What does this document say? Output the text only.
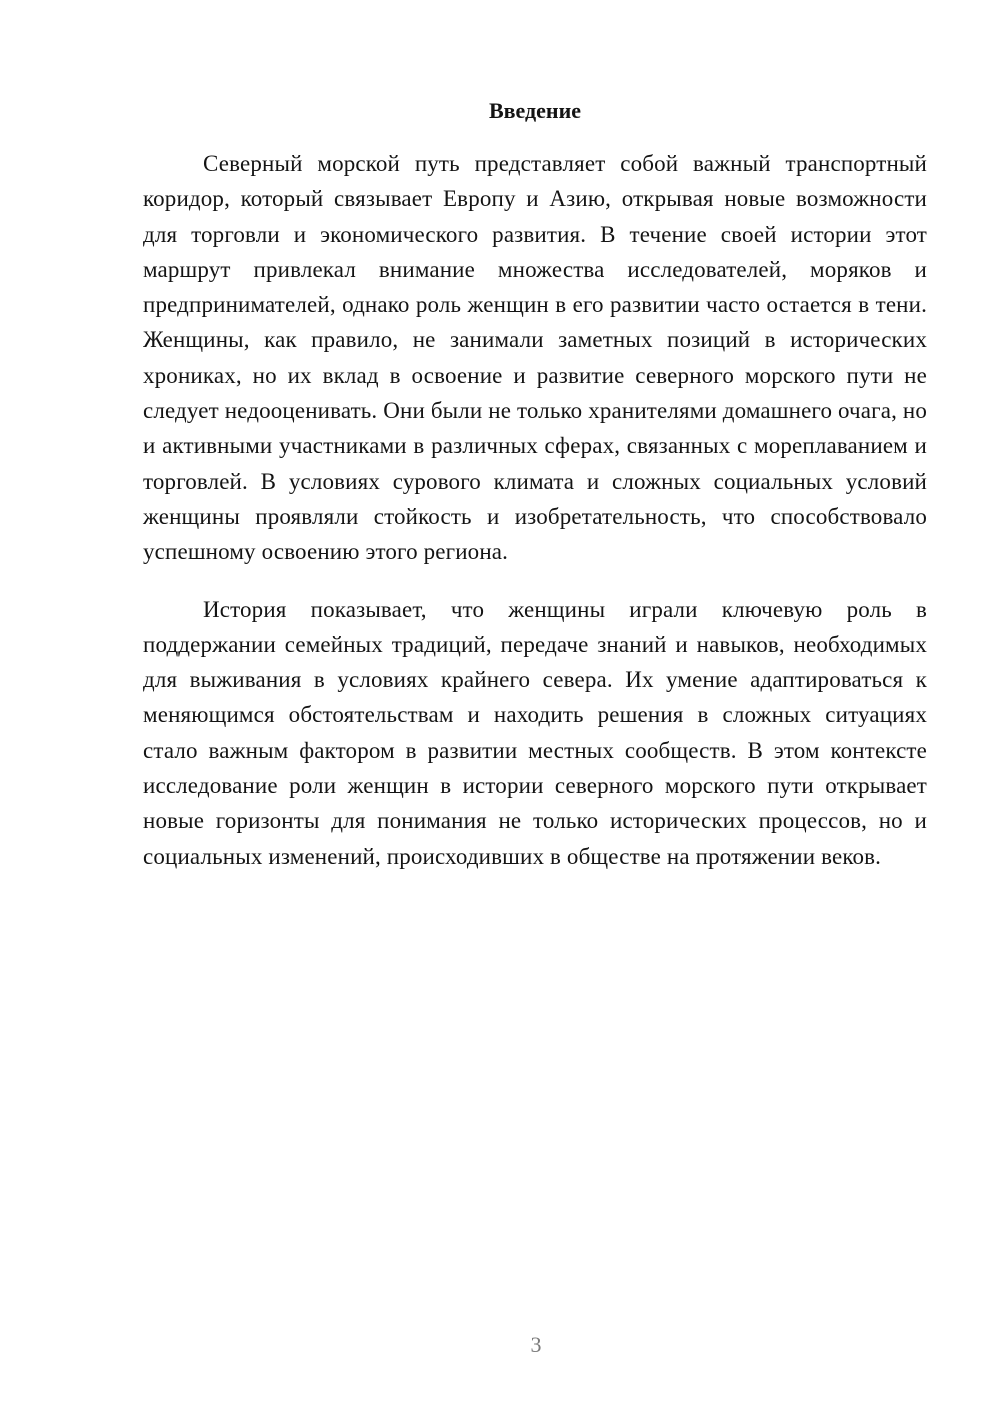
Введение

Северный морской путь представляет собой важный транспортный коридор, который связывает Европу и Азию, открывая новые возможности для торговли и экономического развития. В течение своей истории этот маршрут привлекал внимание множества исследователей, моряков и предпринимателей, однако роль женщин в его развитии часто остается в тени. Женщины, как правило, не занимали заметных позиций в исторических хрониках, но их вклад в освоение и развитие северного морского пути не следует недооценивать. Они были не только хранителями домашнего очага, но и активными участниками в различных сферах, связанных с мореплаванием и торговлей. В условиях сурового климата и сложных социальных условий женщины проявляли стойкость и изобретательность, что способствовало успешному освоению этого региона.

История показывает, что женщины играли ключевую роль в поддержании семейных традиций, передаче знаний и навыков, необходимых для выживания в условиях крайнего севера. Их умение адаптироваться к меняющимся обстоятельствам и находить решения в сложных ситуациях стало важным фактором в развитии местных сообществ. В этом контексте исследование роли женщин в истории северного морского пути открывает новые горизонты для понимания не только исторических процессов, но и социальных изменений, происходивших в обществе на протяжении веков.

3
